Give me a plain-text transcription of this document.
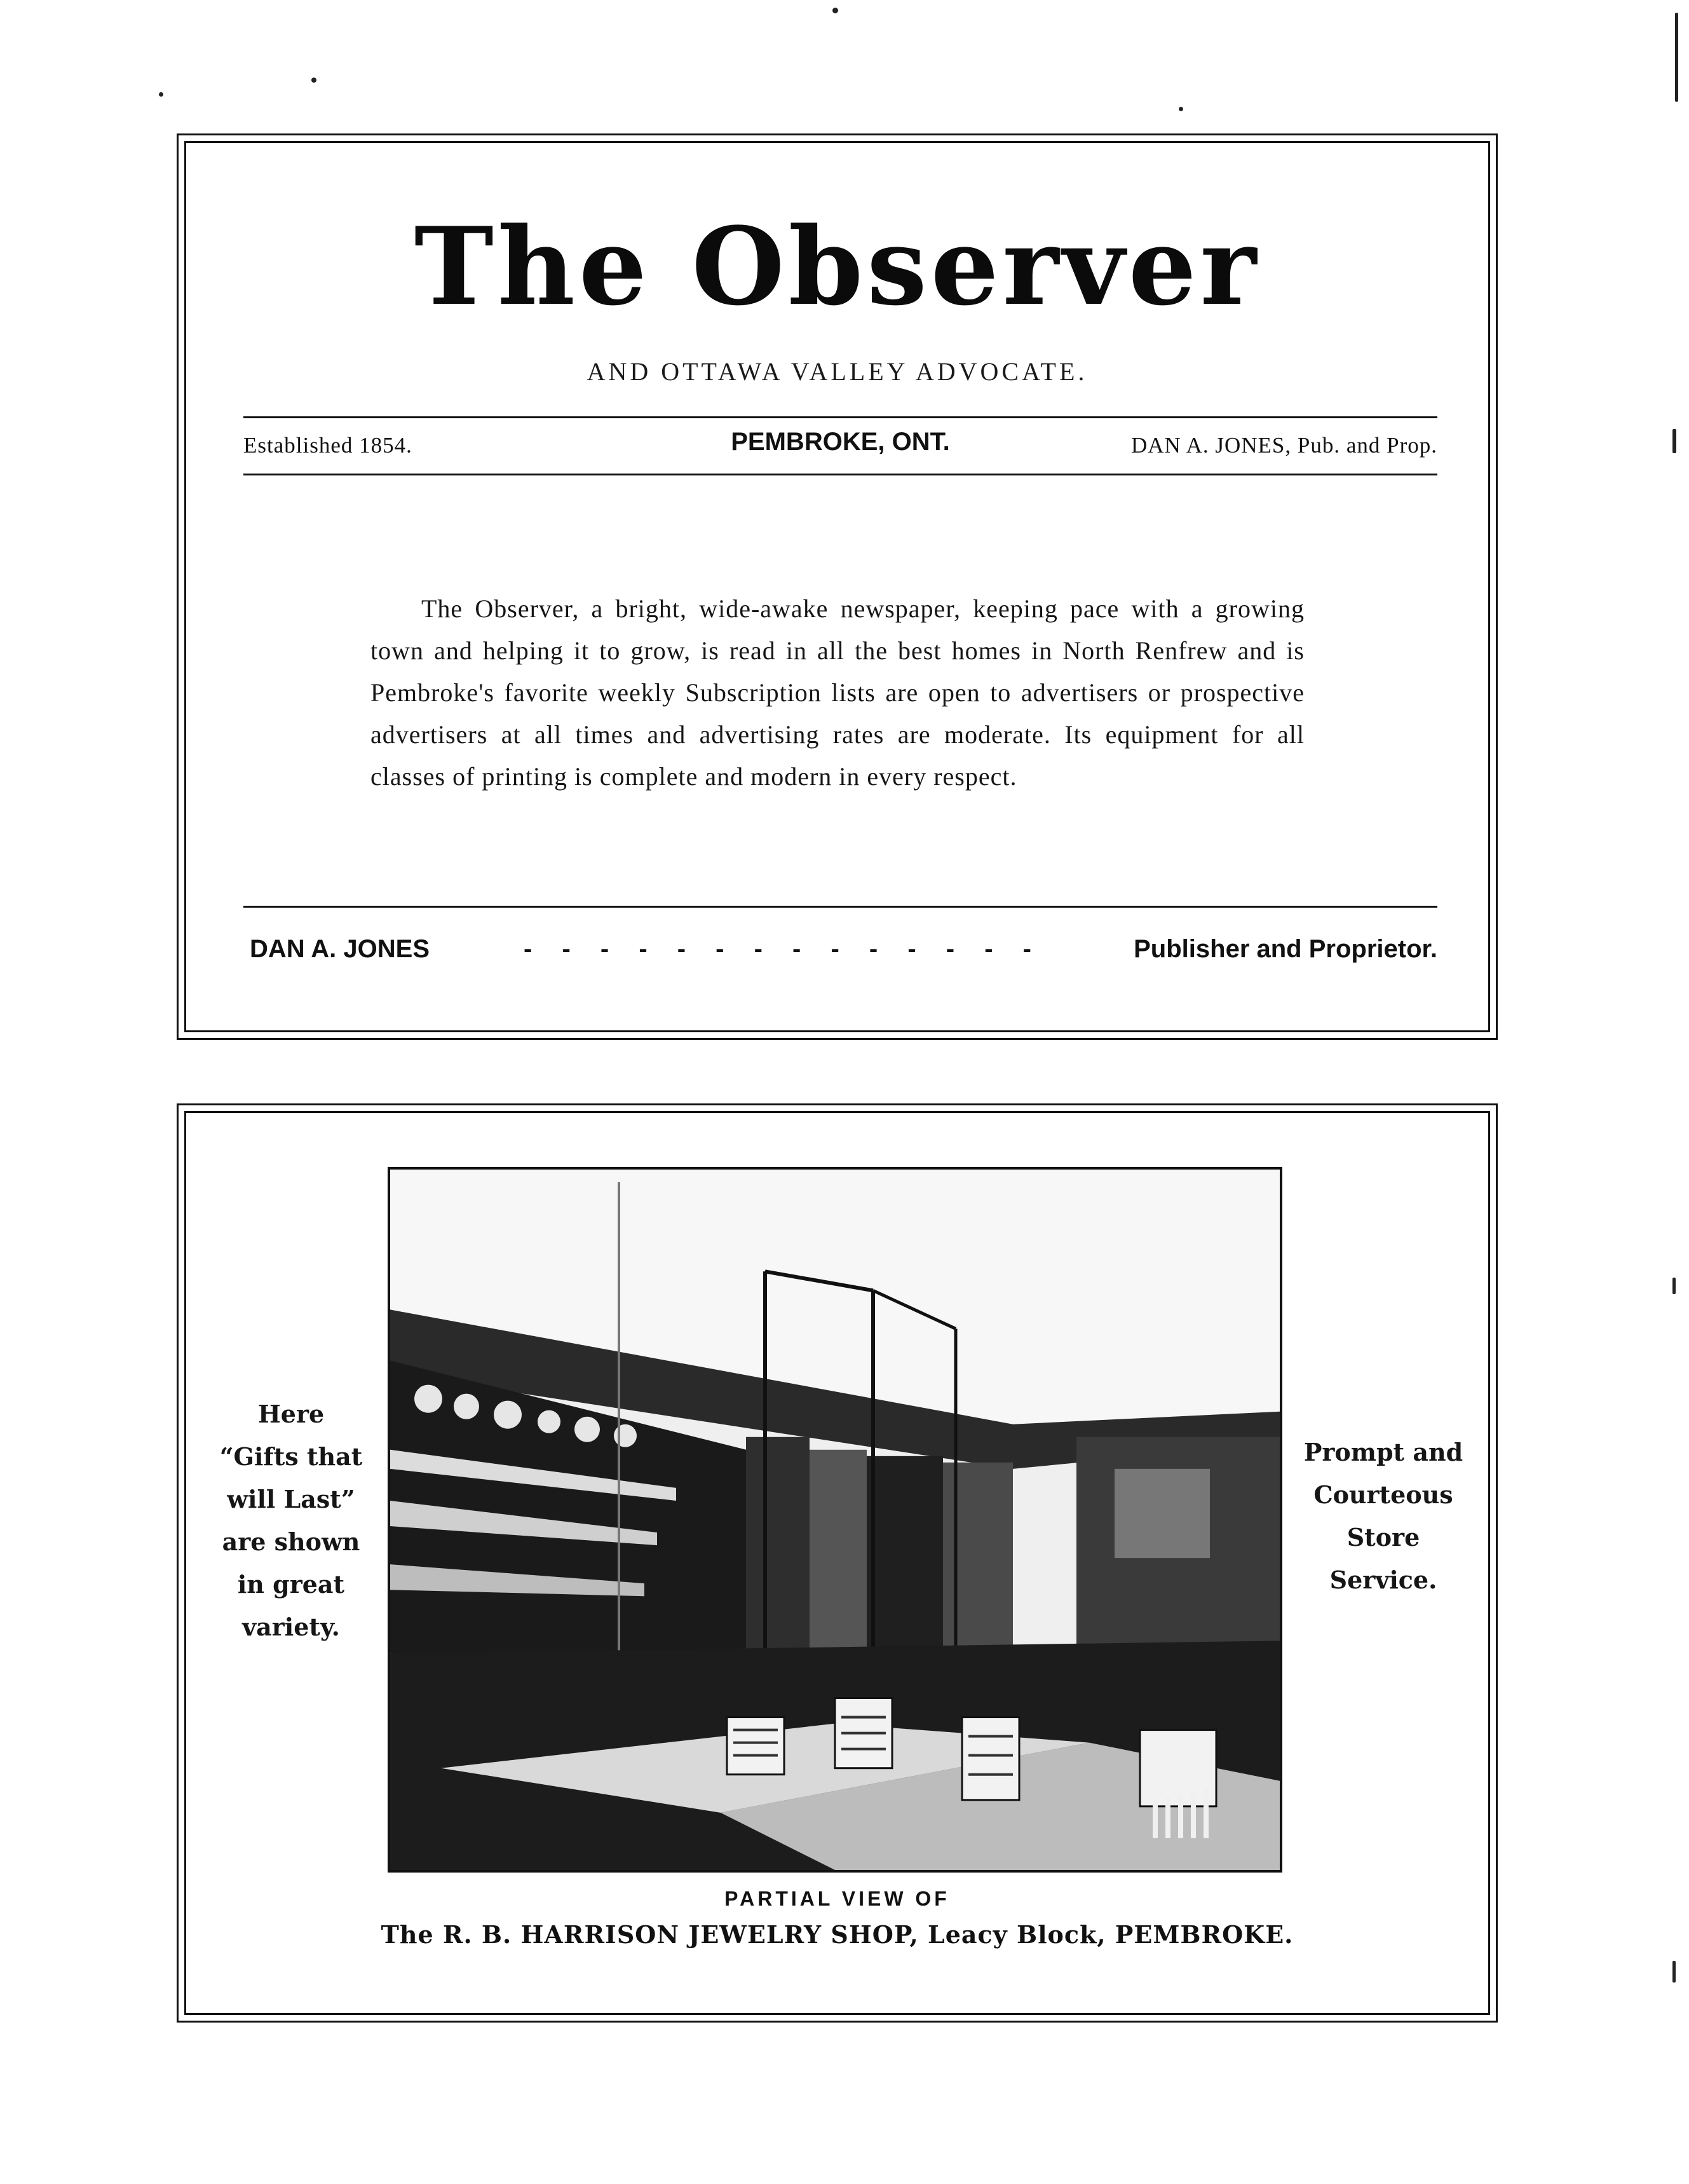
The Observer
AND OTTAWA VALLEY ADVOCATE.
Established 1854.	PEMBROKE, ONT.	DAN A. JONES, Pub. and Prop.
The Observer, a bright, wide-awake newspaper, keeping pace with a growing town and helping it to grow, is read in all the best homes in North Renfrew and is Pembroke's favorite weekly Subscription lists are open to advertisers or prospective advertisers at all times and advertising rates are moderate. Its equipment for all classes of printing is complete and modern in every respect.
DAN A. JONES	- - - - - - - - - - - - - -	Publisher and Proprietor.
Here
“Gifts that
will Last”
are shown
in great
variety.
Prompt and
Courteous
Store
Service.
PARTIAL VIEW OF
The R. B. HARRISON JEWELRY SHOP, Leacy Block, PEMBROKE.
